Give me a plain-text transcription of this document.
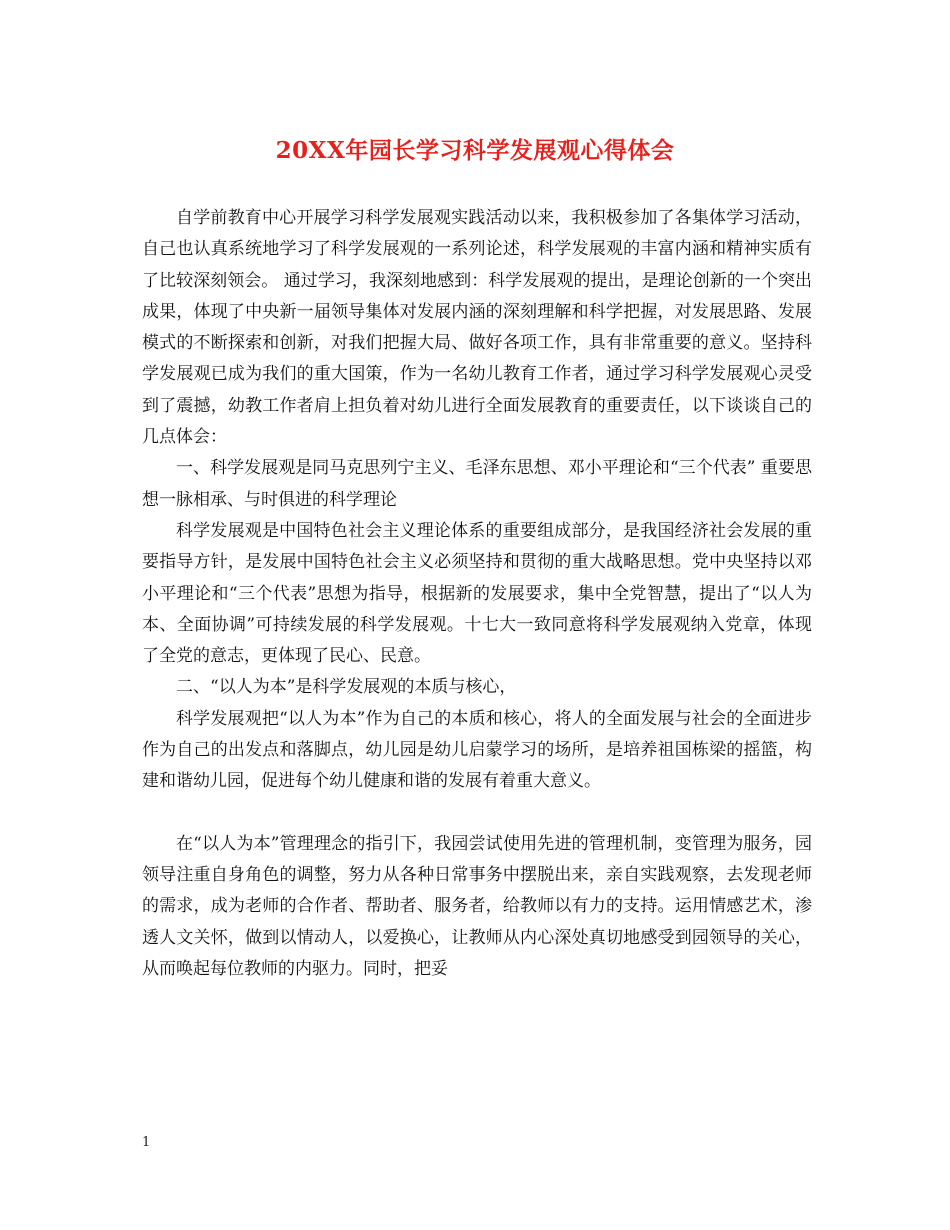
20XX年园长学习科学发展观心得体会

自学前教育中心开展学习科学发展观实践活动以来，我积极参加了各集体学习活动，自己也认真系统地学习了科学发展观的一系列论述，科学发展观的丰富内涵和精神实质有了比较深刻领会。 通过学习，我深刻地感到：科学发展观的提出，是理论创新的一个突出成果，体现了中央新一届领导集体对发展内涵的深刻理解和科学把握，对发展思路、发展模式的不断探索和创新，对我们把握大局、做好各项工作，具有非常重要的意义。坚持科学发展观已成为我们的重大国策，作为一名幼儿教育工作者，通过学习科学发展观心灵受到了震撼，幼教工作者肩上担负着对幼儿进行全面发展教育的重要责任，以下谈谈自己的几点体会：

一、科学发展观是同马克思列宁主义、毛泽东思想、邓小平理论和“三个代表” 重要思想一脉相承、与时俱进的科学理论

科学发展观是中国特色社会主义理论体系的重要组成部分，是我国经济社会发展的重要指导方针，是发展中国特色社会主义必须坚持和贯彻的重大战略思想。党中央坚持以邓小平理论和“三个代表”思想为指导，根据新的发展要求，集中全党智慧，提出了“以人为本、全面协调”可持续发展的科学发展观。十七大一致同意将科学发展观纳入党章，体现了全党的意志，更体现了民心、民意。

二、“以人为本”是科学发展观的本质与核心，

科学发展观把“以人为本”作为自己的本质和核心，将人的全面发展与社会的全面进步作为自己的出发点和落脚点，幼儿园是幼儿启蒙学习的场所，是培养祖国栋梁的摇篮，构建和谐幼儿园，促进每个幼儿健康和谐的发展有着重大意义。

在“以人为本”管理理念的指引下，我园尝试使用先进的管理机制，变管理为服务，园领导注重自身角色的调整，努力从各种日常事务中摆脱出来，亲自实践观察，去发现老师的需求，成为老师的合作者、帮助者、服务者，给教师以有力的支持。运用情感艺术，渗透人文关怀，做到以情动人，以爱换心，让教师从内心深处真切地感受到园领导的关心，从而唤起每位教师的内驱力。同时，把妥

1
